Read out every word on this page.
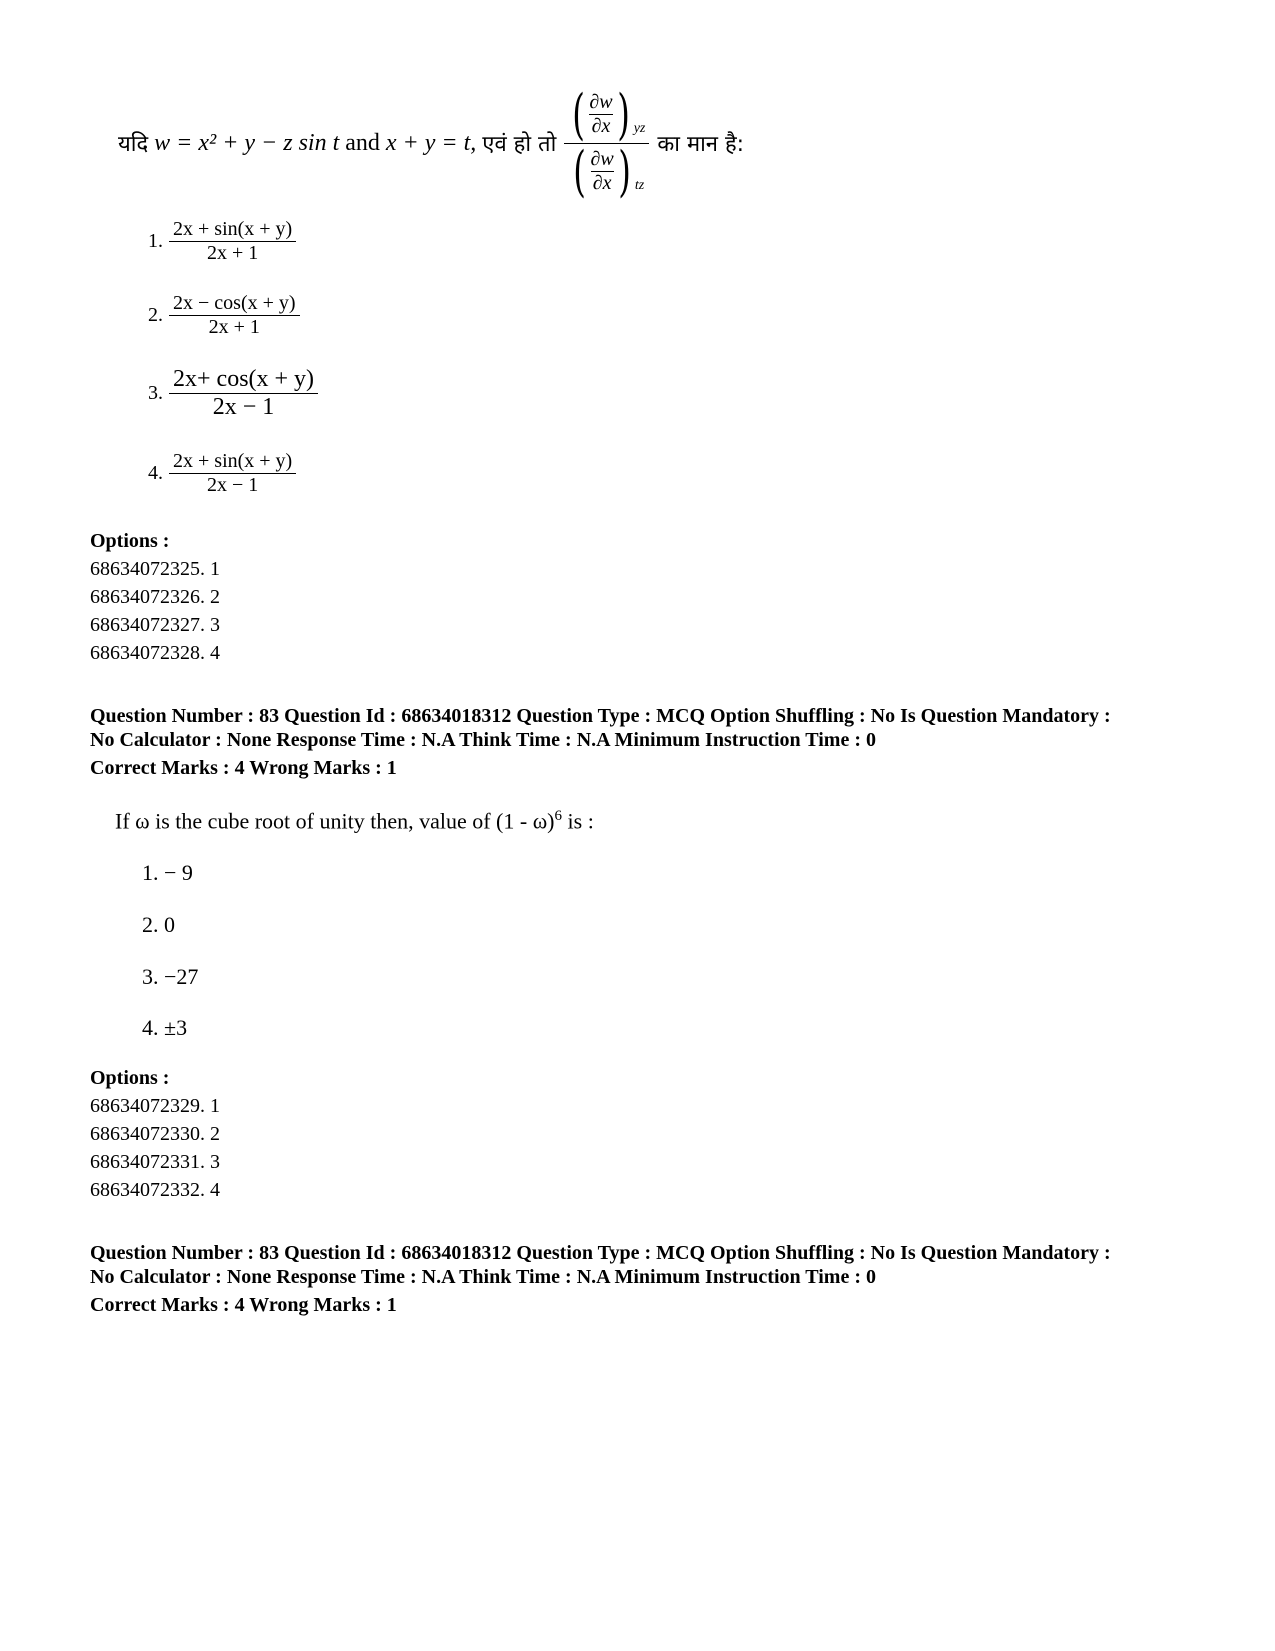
यदि w = x² + y − z sin t and x + y = t, एवं हो तो $\frac{( \frac{\partial w}{\partial x} ) yz}{( \frac{\partial w}{\partial x} ) tz}$ का मान है:
1. $\frac{2x + \sin(x + y)}{2x + 1}$
2. $\frac{2x - \cos(x + y)}{2x + 1}$
3. $\frac{2x+ \cos(x + y)}{2x - 1}$
4. $\frac{2x + \sin(x + y)}{2x - 1}$
Options :
68634072325. 1
68634072326. 2
68634072327. 3
68634072328. 4
Question Number : 83 Question Id : 68634018312 Question Type : MCQ Option Shuffling : No Is Question Mandatory :
No Calculator : None Response Time : N.A Think Time : N.A Minimum Instruction Time : 0
Correct Marks : 4 Wrong Marks : 1
If ω is the cube root of unity then, value of (1 - ω)$^6$ is :
1. − 9
2. 0
3. −27
4. ±3
Options :
68634072329. 1
68634072330. 2
68634072331. 3
68634072332. 4
Question Number : 83 Question Id : 68634018312 Question Type : MCQ Option Shuffling : No Is Question Mandatory :
No Calculator : None Response Time : N.A Think Time : N.A Minimum Instruction Time : 0
Correct Marks : 4 Wrong Marks : 1
